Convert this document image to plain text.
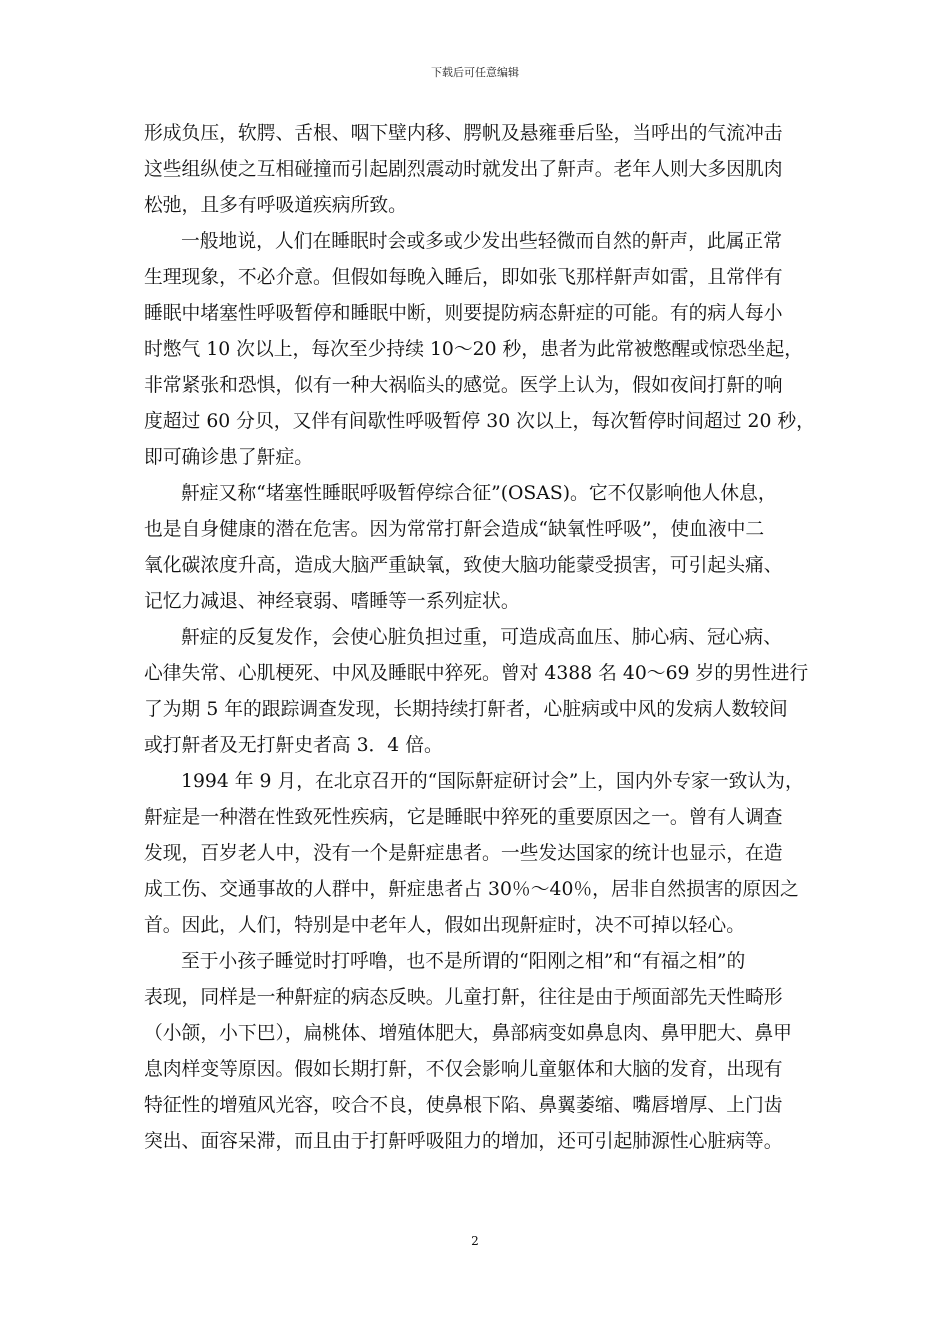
下载后可任意编辑
形成负压，软腭、舌根、咽下壁内移、腭帆及悬雍垂后坠，当呼出的气流冲击
这些组纵使之互相碰撞而引起剧烈震动时就发出了鼾声。老年人则大多因肌肉
松弛，且多有呼吸道疾病所致。
一般地说，人们在睡眠时会或多或少发出些轻微而自然的鼾声，此属正常
生理现象，不必介意。但假如每晚入睡后，即如张飞那样鼾声如雷，且常伴有
睡眠中堵塞性呼吸暂停和睡眠中断，则要提防病态鼾症的可能。有的病人每小
时憋气 10 次以上，每次至少持续 10～20 秒，患者为此常被憋醒或惊恐坐起，
非常紧张和恐惧，似有一种大祸临头的感觉。医学上认为，假如夜间打鼾的响
度超过 60 分贝，又伴有间歇性呼吸暂停 30 次以上，每次暂停时间超过 20 秒，
即可确诊患了鼾症。
鼾症又称“堵塞性睡眠呼吸暂停综合征”(OSAS)。它不仅影响他人休息，
也是自身健康的潜在危害。因为常常打鼾会造成“缺氧性呼吸”，使血液中二
氧化碳浓度升高，造成大脑严重缺氧，致使大脑功能蒙受损害，可引起头痛、
记忆力减退、神经衰弱、嗜睡等一系列症状。
鼾症的反复发作，会使心脏负担过重，可造成高血压、肺心病、冠心病、
心律失常、心肌梗死、中风及睡眠中猝死。曾对 4388 名 40～69 岁的男性进行
了为期 5 年的跟踪调查发现，长期持续打鼾者，心脏病或中风的发病人数较间
或打鼾者及无打鼾史者高 3．4 倍。
1994 年 9 月，在北京召开的“国际鼾症研讨会”上，国内外专家一致认为，
鼾症是一种潜在性致死性疾病，它是睡眠中猝死的重要原因之一。曾有人调查
发现，百岁老人中，没有一个是鼾症患者。一些发达国家的统计也显示，在造
成工伤、交通事故的人群中，鼾症患者占 30％～40％，居非自然损害的原因之
首。因此，人们，特别是中老年人，假如出现鼾症时，决不可掉以轻心。
至于小孩子睡觉时打呼噜，也不是所谓的“阳刚之相”和“有福之相”的
表现，同样是一种鼾症的病态反映。儿童打鼾，往往是由于颅面部先天性畸形
（小颌，小下巴），扁桃体、增殖体肥大，鼻部病变如鼻息肉、鼻甲肥大、鼻甲
息肉样变等原因。假如长期打鼾，不仅会影响儿童躯体和大脑的发育，出现有
特征性的增殖风光容，咬合不良，使鼻根下陷、鼻翼萎缩、嘴唇增厚、上门齿
突出、面容呆滞，而且由于打鼾呼吸阻力的增加，还可引起肺源性心脏病等。
2
